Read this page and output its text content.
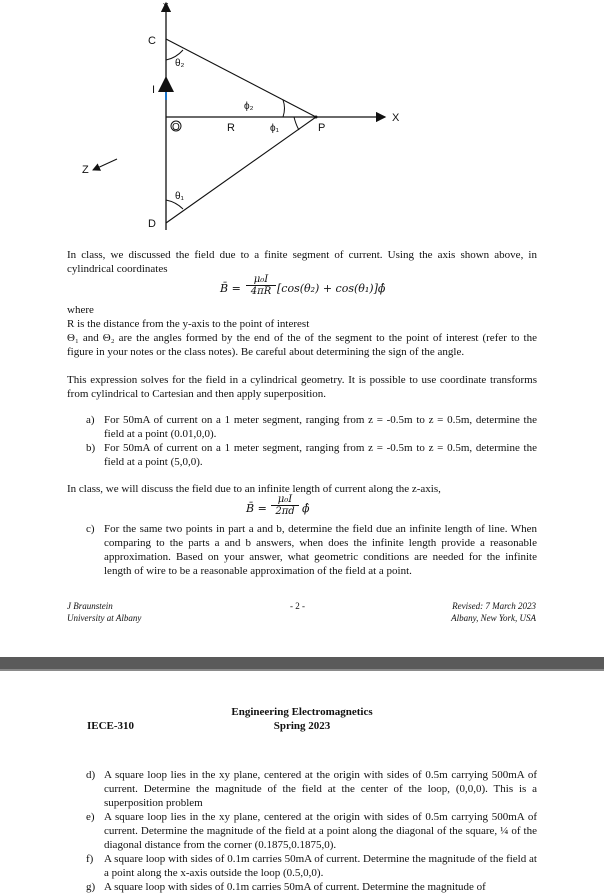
C
D
I
O	R	P
X
Y
Z
θ₂
θ₁
ϕ₂
ϕ₁
In class, we discussed the field due to a finite segment of current. Using the axis shown above, in cylindrical coordinates
B̄ = $\frac{\text{μ₀I}}{4\pi R} [\cos(\theta_2)$ + cos(θ₁)]ϕ̂
where
R is the distance from the y-axis to the point of interest
Θ₁ and Θ₂ are the angles formed by the end of the of the segment to the point of interest (refer to the figure in your notes or the class notes). Be careful about determining the sign of the angle.
This expression solves for the field in a cylindrical geometry. It is possible to use coordinate transforms from cylindrical to Cartesian and then apply superposition.
a) For 50mA of current on a 1 meter segment, ranging from z = -0.5m to z = 0.5m, determine the field at a point (0.01,0,0).
b) For 50mA of current on a 1 meter segment, ranging from z = -0.5m to z = 0.5m, determine the field at a point (5,0,0).
In class, we will discuss the field due to an infinite length of current along the z-axis,
B̄ = $\frac{\text{μ₀I}}{2\pi d}$ ϕ̂
c) For the same two points in part a and b, determine the field due an infinite length of line. When comparing to the parts a and b answers, when does the infinite length provide a reasonable approximation. Based on your answer, what geometric conditions are needed for the infinite length of wire to be a reasonable approximation of the field at a point.
J Braunstein
University at Albany
- 2 -	Revised: 7 March 2023
Albany, New York, USA
IECE-310
Engineering Electromagnetics
Spring 2023
d) A square loop lies in the xy plane, centered at the origin with sides of 0.5m carrying 500mA of current. Determine the magnitude of the field at the center of the loop, (0,0,0). This is a superposition problem
e) A square loop lies in the xy plane, centered at the origin with sides of 0.5m carrying 500mA of current. Determine the magnitude of the field at a point along the diagonal of the square, ¼ of the diagonal distance from the corner (0.1875,0.1875,0).
f) A square loop with sides of 0.1m carries 50mA of current. Determine the magnitude of the field at a point along the x-axis outside the loop (0.5,0,0).
g) A square loop with sides of 0.1m carries 50mA of current. Determine the magnitude of
